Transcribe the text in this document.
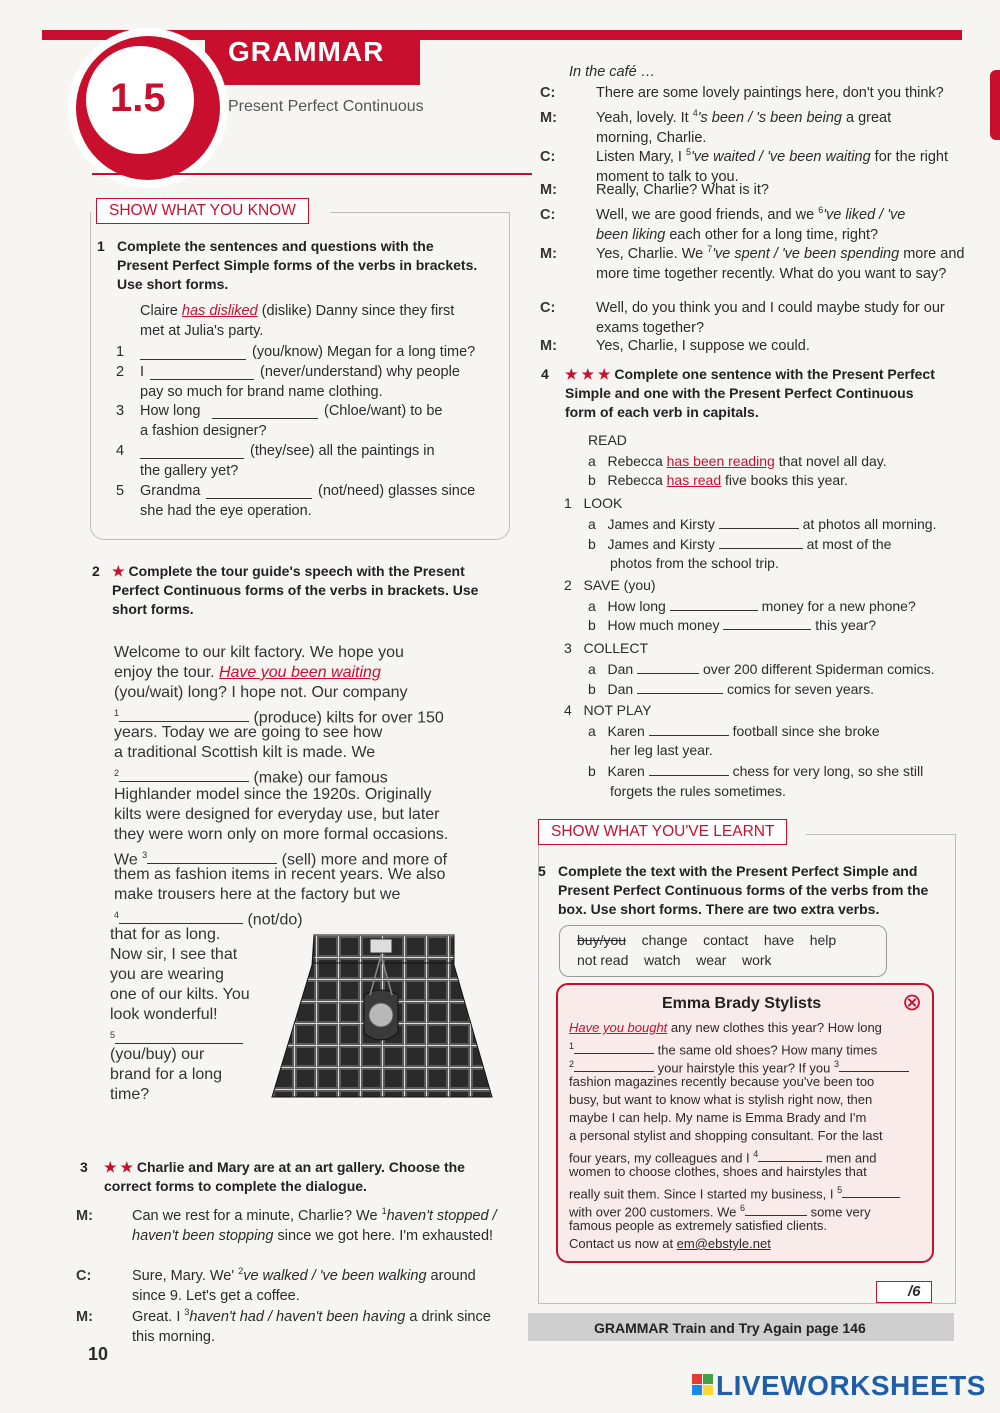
1.5
GRAMMAR
Present Perfect Continuous
SHOW WHAT YOU KNOW
1 Complete the sentences and questions with the Present Perfect Simple forms of the verbs in brackets. Use short forms.
Claire has disliked (dislike) Danny since they first
met at Julia's party.
1	(you/know) Megan for a long time?
2 I	(never/understand) why people
pay so much for brand name clothing.
3 How long	(Chloe/want) to be
a fashion designer?
4	(they/see) all the paintings in
the gallery yet?
5 Grandma	(not/need) glasses since
she had the eye operation.
2 ★ Complete the tour guide's speech with the Present Perfect Continuous forms of the verbs in brackets. Use short forms.
Welcome to our kilt factory. We hope you
enjoy the tour. Have you been waiting
(you/wait) long? I hope not. Our company
$^1$	(produce) kilts for over 150
years. Today we are going to see how
a traditional Scottish kilt is made. We
$^2$	(make) our famous
Highlander model since the 1920s. Originally
kilts were designed for everyday use, but later
they were worn only on more formal occasions.
We $^3$	(sell) more and more of
them as fashion items in recent years. We also
make trousers here at the factory but we
$^4$	(not/do)
that for as long.
Now sir, I see that
you are wearing
one of our kilts. You
look wonderful!
$^5$
(you/buy) our
brand for a long
time?
3 ★ ★ Charlie and Mary are at an art gallery. Choose the correct forms to complete the dialogue.
M:	Can we rest for a minute, Charlie? We $^1$haven't stopped / haven't been stopping since we got here. I'm exhausted!
C:	Sure, Mary. We' $^2$ve walked / 've been walking around since 9. Let's get a coffee.
M:	Great. I $^3$haven't had / haven't been having a drink since this morning.
10
In the café …
C:	There are some lovely paintings here, don't you think?
M:	Yeah, lovely. It $^4$'s been / 's been being a great morning, Charlie.
C:	Listen Mary, I $^5$'ve waited / 've been waiting for the right moment to talk to you.
M:	Really, Charlie? What is it?
C:	Well, we are good friends, and we $^6$'ve liked / 've been liking each other for a long time, right?
M:	Yes, Charlie. We $^7$'ve spent / 've been spending more and more time together recently. What do you want to say?
C:	Well, do you think you and I could maybe study for our exams together?
M:	Yes, Charlie, I suppose we could.
4 ★ ★ ★ Complete one sentence with the Present Perfect Simple and one with the Present Perfect Continuous form of each verb in capitals.
READ
a   Rebecca has been reading that novel all day.
b   Rebecca has read five books this year.
1 LOOK
a   James and Kirsty	at photos all morning.
b   James and Kirsty	at most of the
photos from the school trip.
2 SAVE (you)
a   How long	money for a new phone?
b   How much money	this year?
3 COLLECT
a   Dan	over 200 different Spiderman comics.
b   Dan	comics for seven years.
4 NOT PLAY
a   Karen	football since she broke
her leg last year.
b   Karen	chess for very long, so she still
forgets the rules sometimes.
SHOW WHAT YOU'VE LEARNT
5 Complete the text with the Present Perfect Simple and Present Perfect Continuous forms of the verbs from the box. Use short forms. There are two extra verbs.
buy/you change contact have help
not read watch wear work
Emma Brady Stylists	⊗
Have you bought any new clothes this year? How long
$^1$	the same old shoes? How many times
$^2$	your hairstyle this year? If you $^3$
fashion magazines recently because you've been too
busy, but want to know what is stylish right now, then
maybe I can help. My name is Emma Brady and I'm
a personal stylist and shopping consultant. For the last
four years, my colleagues and I $^4$	men and
women to choose clothes, shoes and hairstyles that
really suit them. Since I started my business, I $^5$
with over 200 customers. We $^6$	some very
famous people as extremely satisfied clients.
Contact us now at em@ebstyle.net
/6
GRAMMAR Train and Try Again page 146
LIVEWORKSHEETS
